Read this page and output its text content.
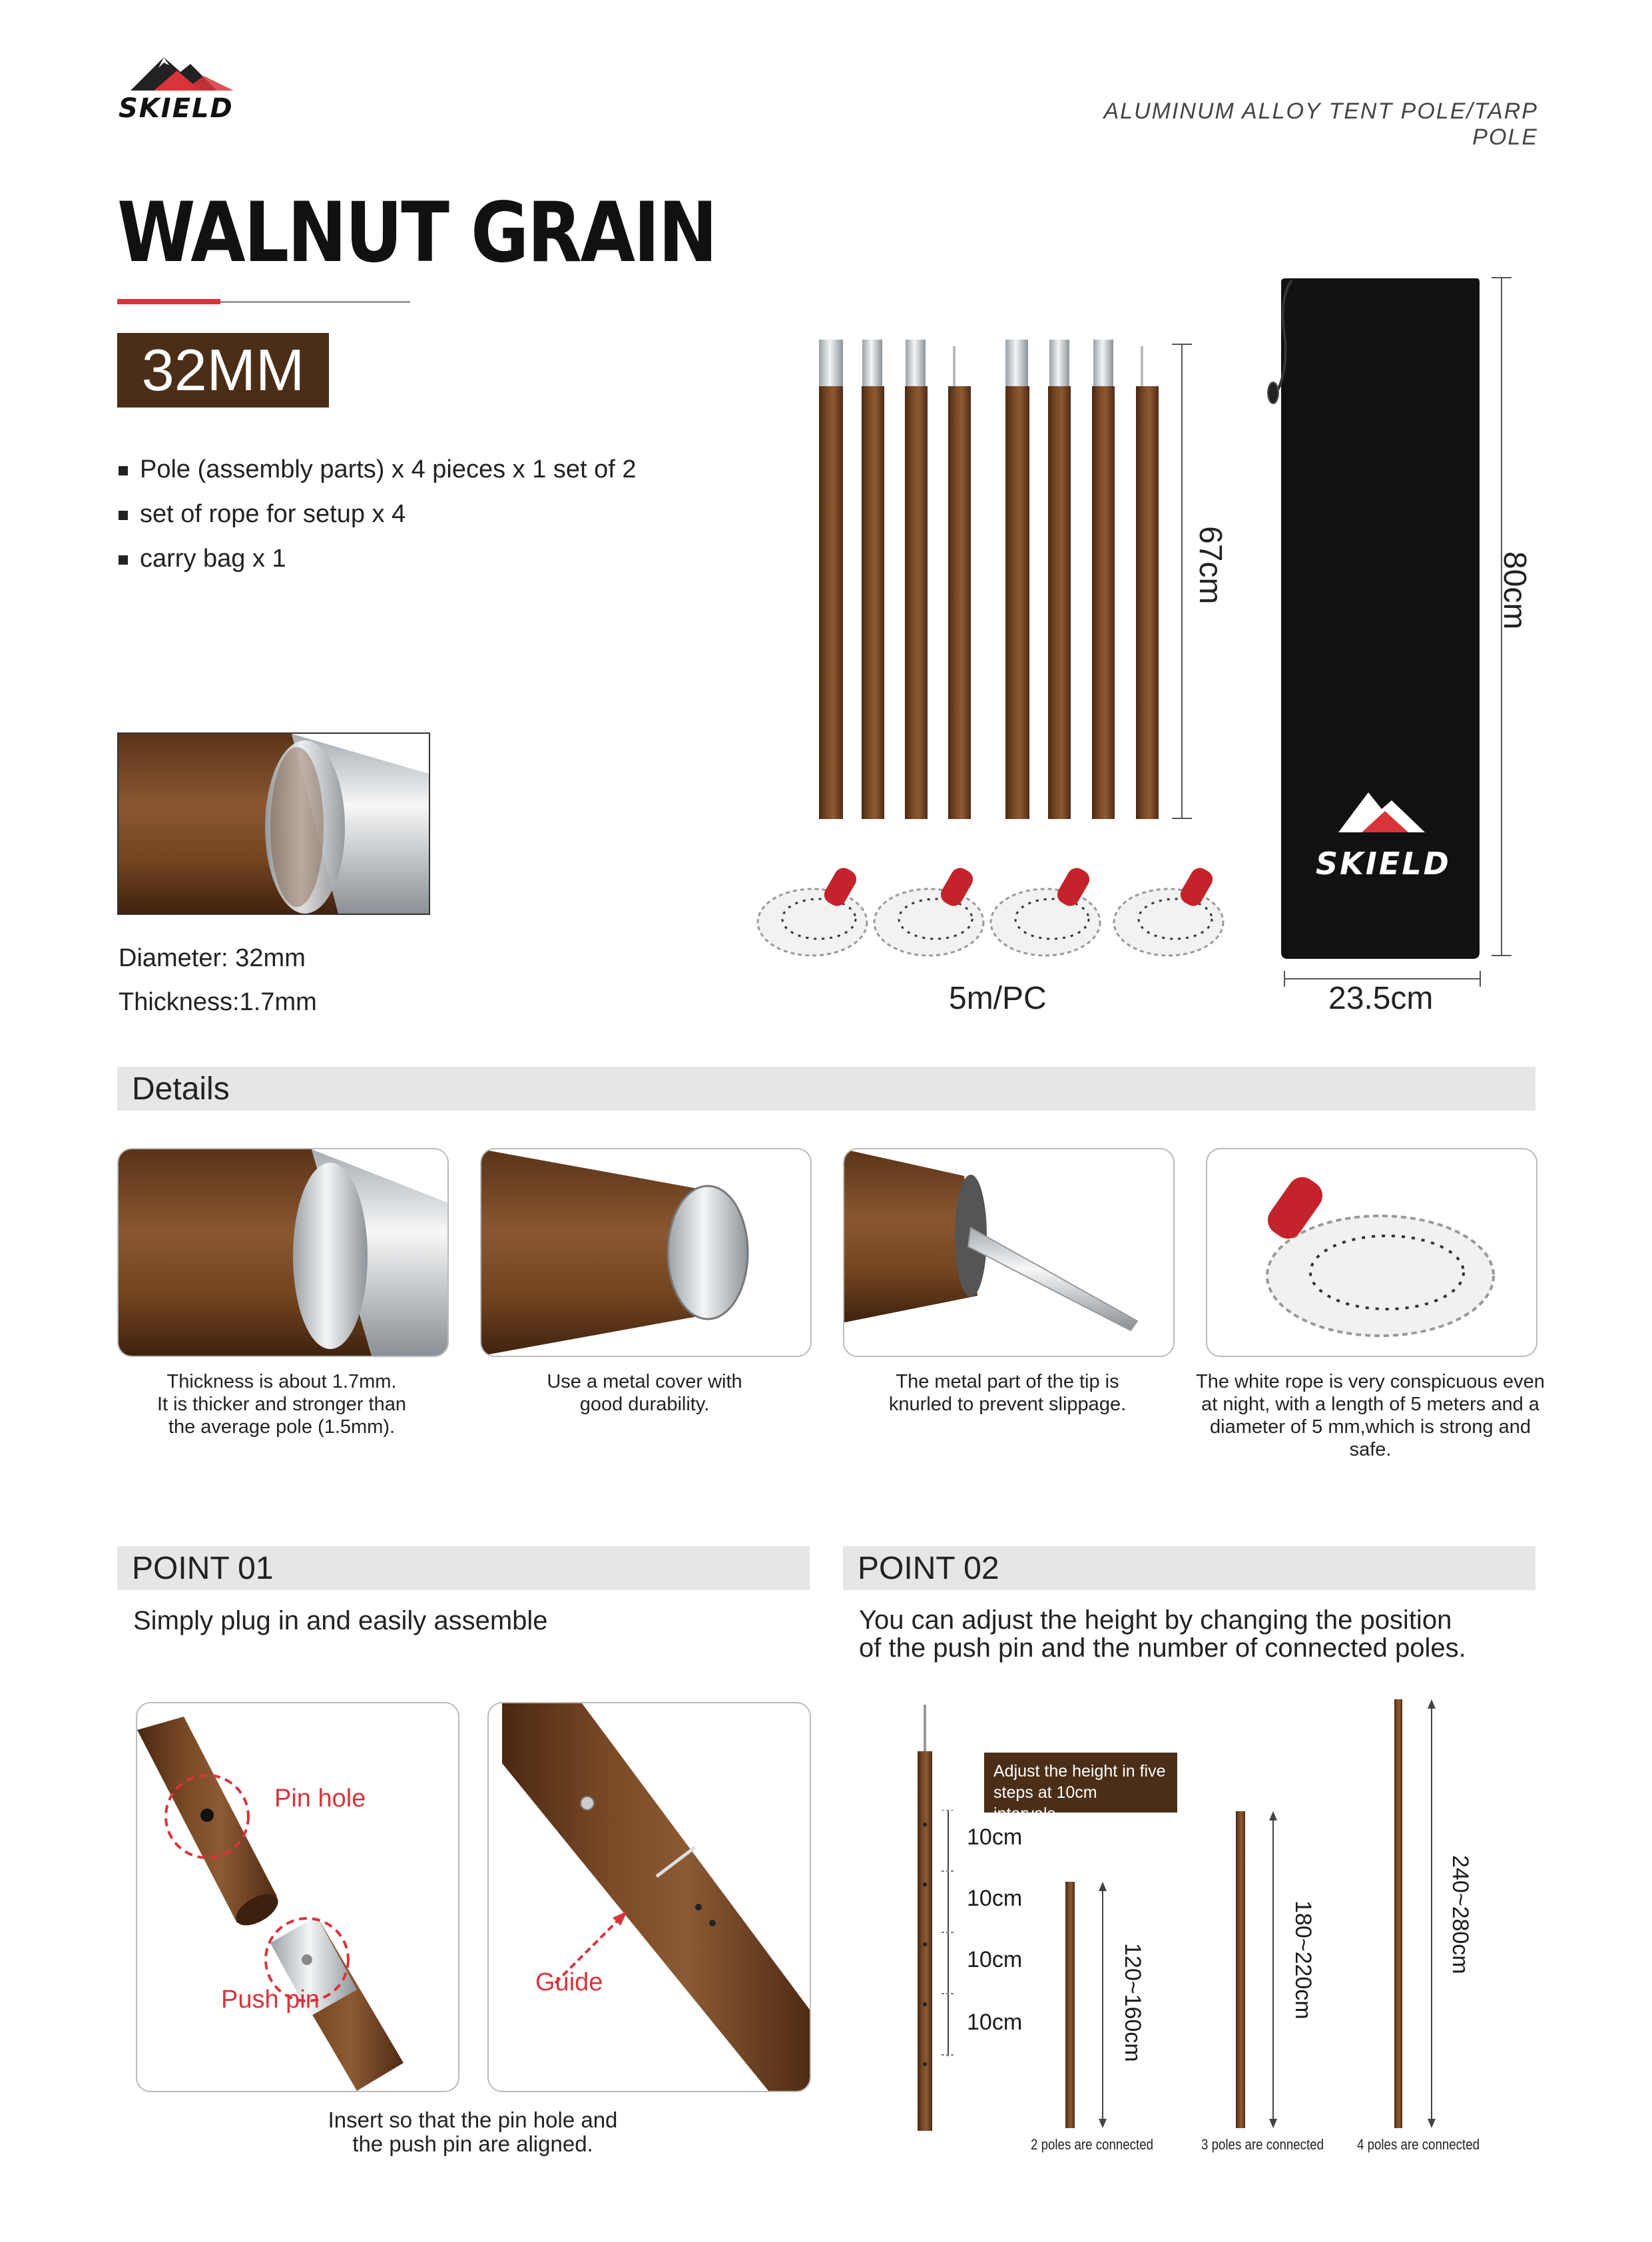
SKIELD	ALUMINUM ALLOY TENT POLE/TARP POLE
WALNUT GRAIN
32MM
Pole (assembly parts) x 4 pieces x 1 set of 2
set of rope for setup x 4
carry bag x 1
Diameter: 32mm
Thickness:1.7mm
67cm
5m/PC
SKIELD
80cm
23.5cm
Details
Thickness is about 1.7mm.
It is thicker and stronger than
the average pole (1.5mm).
Use a metal cover with
good durability.
The metal part of the tip is
knurled to prevent slippage.
The white rope is very conspicuous even
at night, with a length of 5 meters and a
diameter of 5 mm,which is strong and safe.
POINT 01
Simply plug in and easily assemble
Pin hole
Push pin
Guide
Insert so that the pin hole and
the push pin are aligned.
POINT 02
You can adjust the height by changing the position
of the push pin and the number of connected poles.
Adjust the height in five
steps at 10cm intervals.
10cm
10cm
10cm
10cm	120~160cm
2 poles are connected
180~220cm
3 poles are connected
240~280cm
4 poles are connected
